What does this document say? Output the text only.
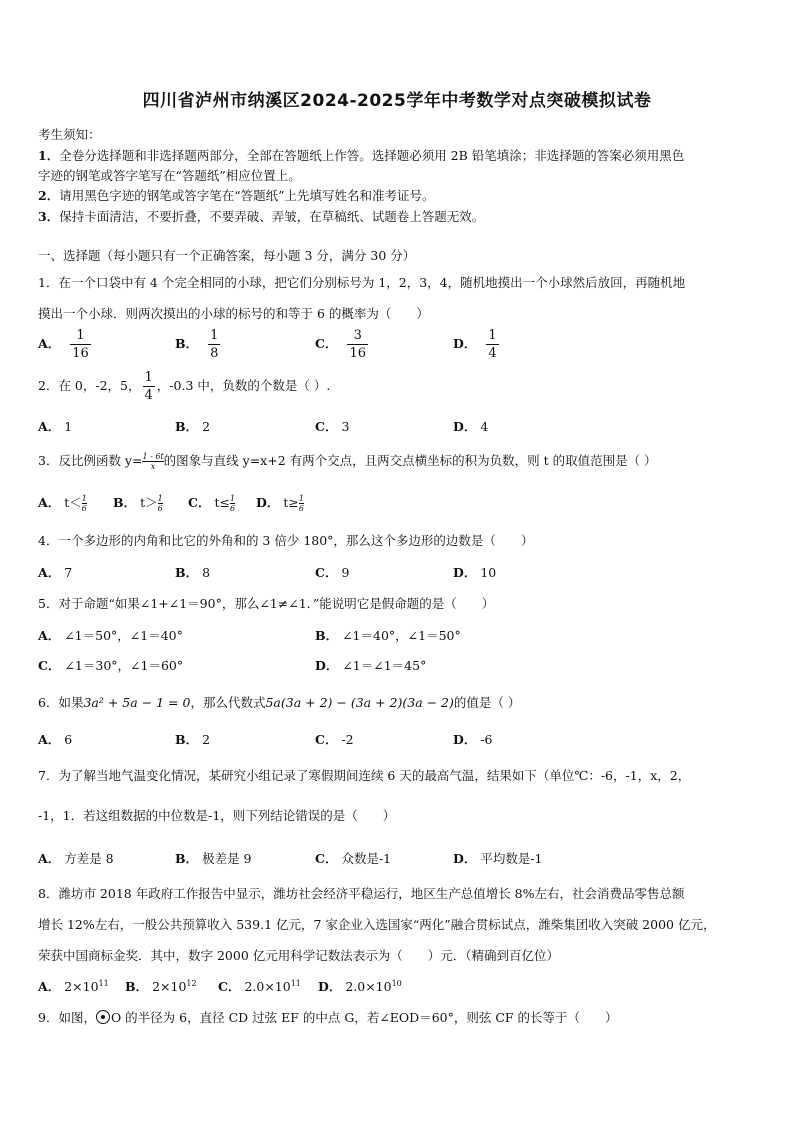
四川省泸州市纳溪区2024-2025学年中考数学对点突破模拟试卷
考生须知：
1．全卷分选择题和非选择题两部分，全部在答题纸上作答。选择题必须用 2B 铅笔填涂；非选择题的答案必须用黑色
字迹的钢笔或答字笔写在“答题纸”相应位置上。
2．请用黑色字迹的钢笔或答字笔在“答题纸”上先填写姓名和准考证号。
3．保持卡面清洁，不要折叠，不要弄破、弄皱，在草稿纸、试题卷上答题无效。
一、选择题（每小题只有一个正确答案，每小题 3 分，满分 30 分）
1．在一个口袋中有 4 个完全相同的小球，把它们分别标号为 1，2，3，4，随机地摸出一个小球然后放回，再随机地
摸出一个小球．则两次摸出的小球的标号的和等于 6 的概率为（　　）
A． $\frac{1}{16}$	B． $\frac{1}{8}$	C． $\frac{3}{16}$	D． $\frac{1}{4}$
2．在 0，-2，5， $\frac{1}{4}$ ，-0.3 中，负数的个数是（ ）.
A． 1	B． 2	C． 3	D． 4
3．反比例函数 $y= \frac{1 - 6t}{x}$ 的图象与直线 y=x+2 有两个交点，且两交点横坐标的积为负数，则 t 的取值范围是（ ）
A． $t< \frac{1}{6}$ B． $t> \frac{1}{6}$ C． $t\le \frac{1}{6}$ D． $t\ge \frac{1}{6}$
4．一个多边形的内角和比它的外角和的 3 倍少 180°，那么这个多边形的边数是（　　）
A． 7	B． 8	C． 9	D． 10
5．对于命题“如果∠1+∠1＝90°，那么∠1≠∠1．”能说明它是假命题的是（　　）
A． ∠1＝50°，∠1＝40°	B． ∠1＝40°，∠1＝50°
C． ∠1＝30°，∠1＝60°	D． ∠1＝∠1＝45°
6．如果3a² + 5a − 1 = 0，那么代数式5a(3a + 2) − (3a + 2)(3a − 2)的值是（ ）
A． 6	B． 2	C． -2	D． -6
7．为了解当地气温变化情况，某研究小组记录了寒假期间连续 6 天的最高气温，结果如下（单位℃：-6，-1，x，2，
-1，1．若这组数据的中位数是-1，则下列结论错误的是（　　）
A． 方差是 8	B． 极差是 9	C． 众数是-1	D． 平均数是-1
8．潍坊市 2018 年政府工作报告中显示，潍坊社会经济平稳运行，地区生产总值增长 8%左右，社会消费品零售总额
增长 12%左右，一般公共预算收入 539.1 亿元，7 家企业入选国家“两化”融合贯标试点，潍柴集团收入突破 2000 亿元，
荣获中国商标金奖．其中，数字 2000 亿元用科学记数法表示为（　　）元．（精确到百亿位）
A． $2\times 10^{11}$ B． $2\times 10^{12}$ C． $2.0\times 10^{11}$ D． $2.0\times 10^{10}$
9．如图， O 的半径为 6，直径 CD 过弦 EF 的中点 G，若∠EOD＝60°，则弦 CF 的长等于（　　）
